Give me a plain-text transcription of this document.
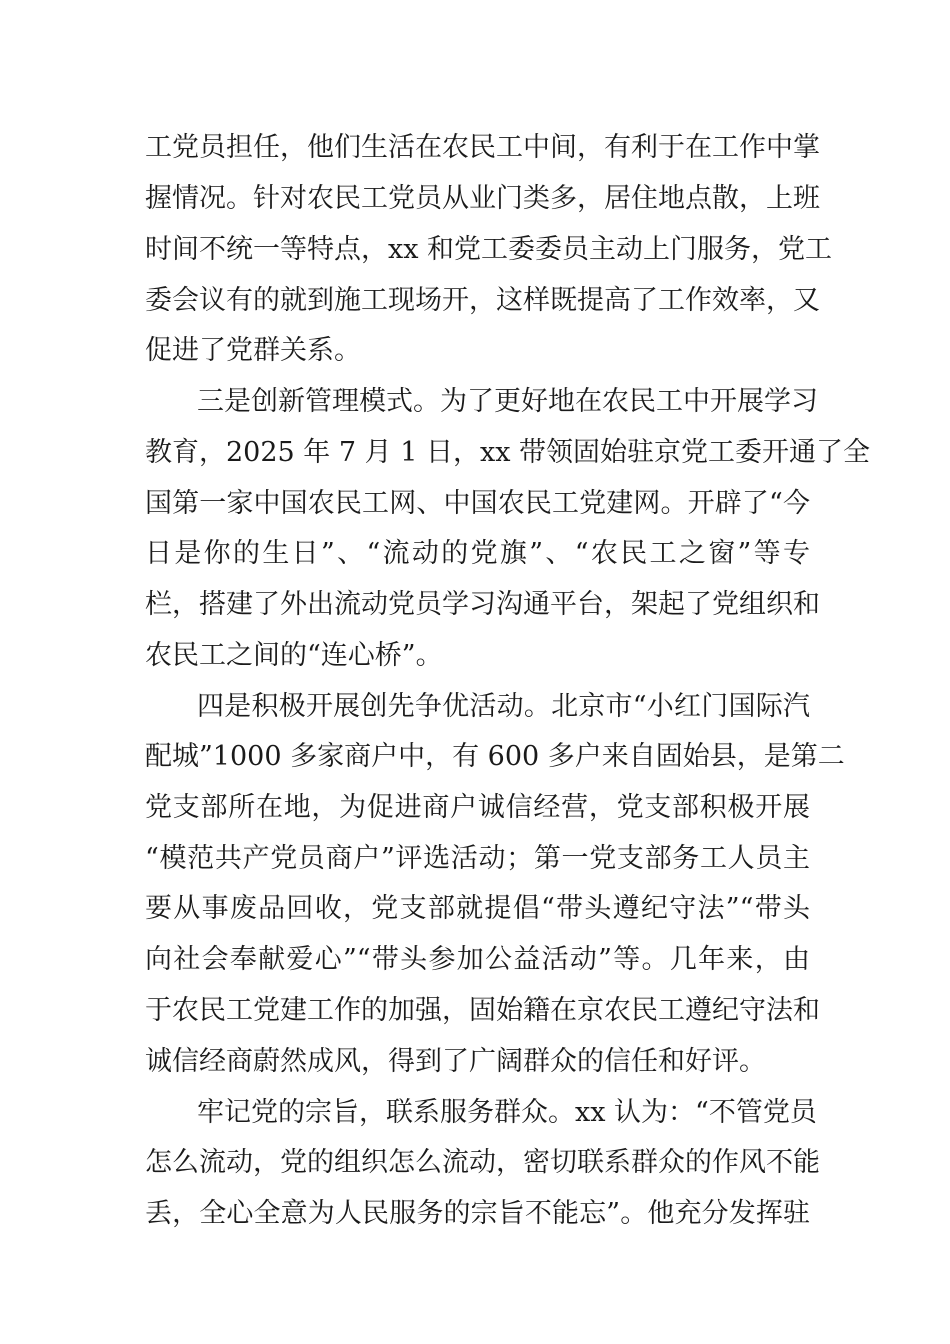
工党员担任，他们生活在农民工中间，有利于在工作中掌
握情况。针对农民工党员从业门类多，居住地点散，上班
时间不统一等特点，xx 和党工委委员主动上门服务，党工
委会议有的就到施工现场开，这样既提高了工作效率，又
促进了党群关系。
三是创新管理模式。为了更好地在农民工中开展学习
教育，2025 年 7 月 1 日，xx 带领固始驻京党工委开通了全
国第一家中国农民工网、中国农民工党建网。开辟了“今
日是你的生日”、“流动的党旗”、“农民工之窗”等专
栏，搭建了外出流动党员学习沟通平台，架起了党组织和
农民工之间的“连心桥”。
四是积极开展创先争优活动。北京市“小红门国际汽
配城”1000 多家商户中，有 600 多户来自固始县，是第二
党支部所在地，为促进商户诚信经营，党支部积极开展
“模范共产党员商户”评选活动；第一党支部务工人员主
要从事废品回收，党支部就提倡“带头遵纪守法”“带头
向社会奉献爱心”“带头参加公益活动”等。几年来，由
于农民工党建工作的加强，固始籍在京农民工遵纪守法和
诚信经商蔚然成风，得到了广阔群众的信任和好评。
牢记党的宗旨，联系服务群众。xx 认为：“不管党员
怎么流动，党的组织怎么流动，密切联系群众的作风不能
丢，全心全意为人民服务的宗旨不能忘”。他充分发挥驻
